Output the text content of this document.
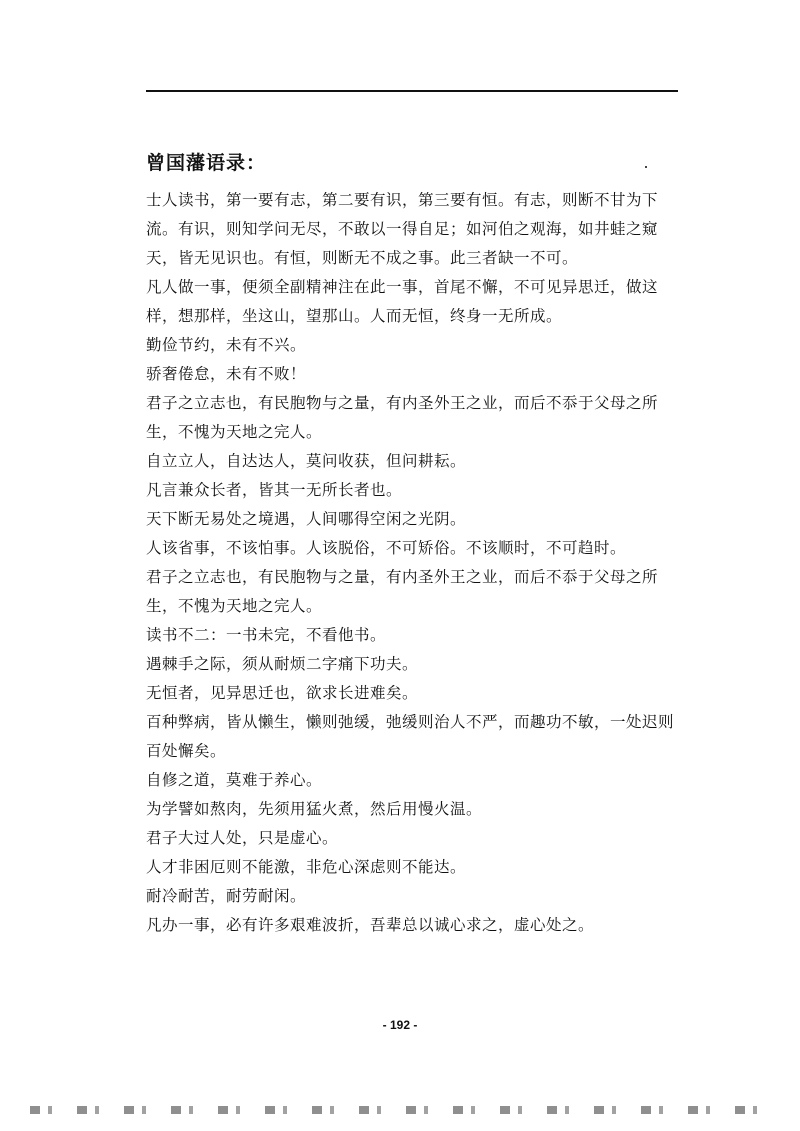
曾国藩语录：

士人读书，第一要有志，第二要有识，第三要有恒。有志，则断不甘为下流。有识，则知学问无尽，不敢以一得自足；如河伯之观海，如井蛙之窥天，皆无见识也。有恒，则断无不成之事。此三者缺一不可。

凡人做一事，便须全副精神注在此一事，首尾不懈，不可见异思迁，做这样，想那样，坐这山，望那山。人而无恒，终身一无所成。

勤俭节约，未有不兴。

骄奢倦怠，未有不败！

君子之立志也，有民胞物与之量，有内圣外王之业，而后不忝于父母之所生，不愧为天地之完人。

自立立人，自达达人，莫问收获，但问耕耘。

凡言兼众长者，皆其一无所长者也。

天下断无易处之境遇，人间哪得空闲之光阴。

人该省事，不该怕事。人该脱俗，不可矫俗。不该顺时，不可趋时。

君子之立志也，有民胞物与之量，有内圣外王之业，而后不忝于父母之所生，不愧为天地之完人。

读书不二：一书未完，不看他书。

遇棘手之际，须从耐烦二字痛下功夫。

无恒者，见异思迁也，欲求长进难矣。

百种弊病，皆从懒生，懒则弛缓，弛缓则治人不严，而趣功不敏，一处迟则百处懈矣。

自修之道，莫难于养心。

为学譬如熬肉，先须用猛火煮，然后用慢火温。

君子大过人处，只是虚心。

人才非困厄则不能激，非危心深虑则不能达。

耐冷耐苦，耐劳耐闲。

凡办一事，必有许多艰难波折，吾辈总以诚心求之，虚心处之。

- 192 -
